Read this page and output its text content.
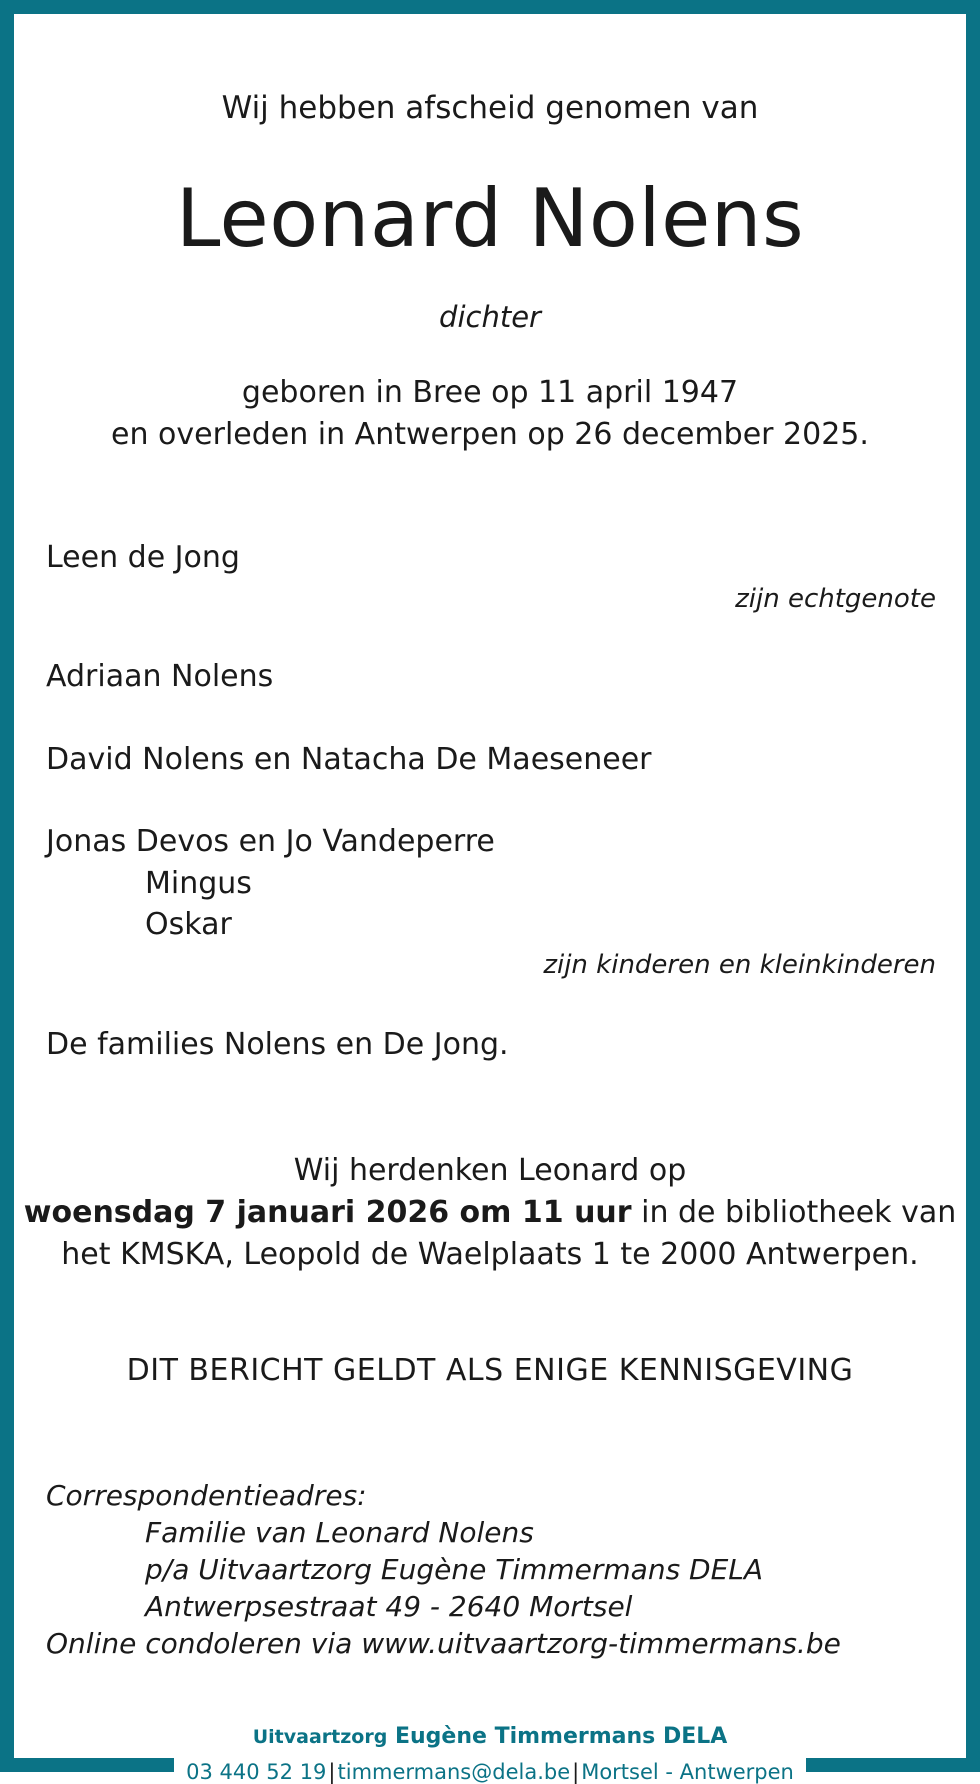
Wij hebben afscheid genomen van
Leonard Nolens
dichter
geboren in Bree op 11 april 1947
en overleden in Antwerpen op 26 december 2025.
Leen de Jong
zijn echtgenote
Adriaan Nolens
David Nolens en Natacha De Maeseneer
Jonas Devos en Jo Vandeperre
Mingus
Oskar
zijn kinderen en kleinkinderen
De families Nolens en De Jong.
Wij herdenken Leonard op
woensdag 7 januari 2026 om 11 uur in de bibliotheek van
het KMSKA, Leopold de Waelplaats 1 te 2000 Antwerpen.
DIT BERICHT GELDT ALS ENIGE KENNISGEVING
Correspondentieadres:
Familie van Leonard Nolens
p/a Uitvaartzorg Eugène Timmermans DELA
Antwerpsestraat 49 - 2640 Mortsel
Online condoleren via www.uitvaartzorg-timmermans.be
Uitvaartzorg Eugène Timmermans DELA
03 440 52 19|timmermans@dela.be|Mortsel - Antwerpen
